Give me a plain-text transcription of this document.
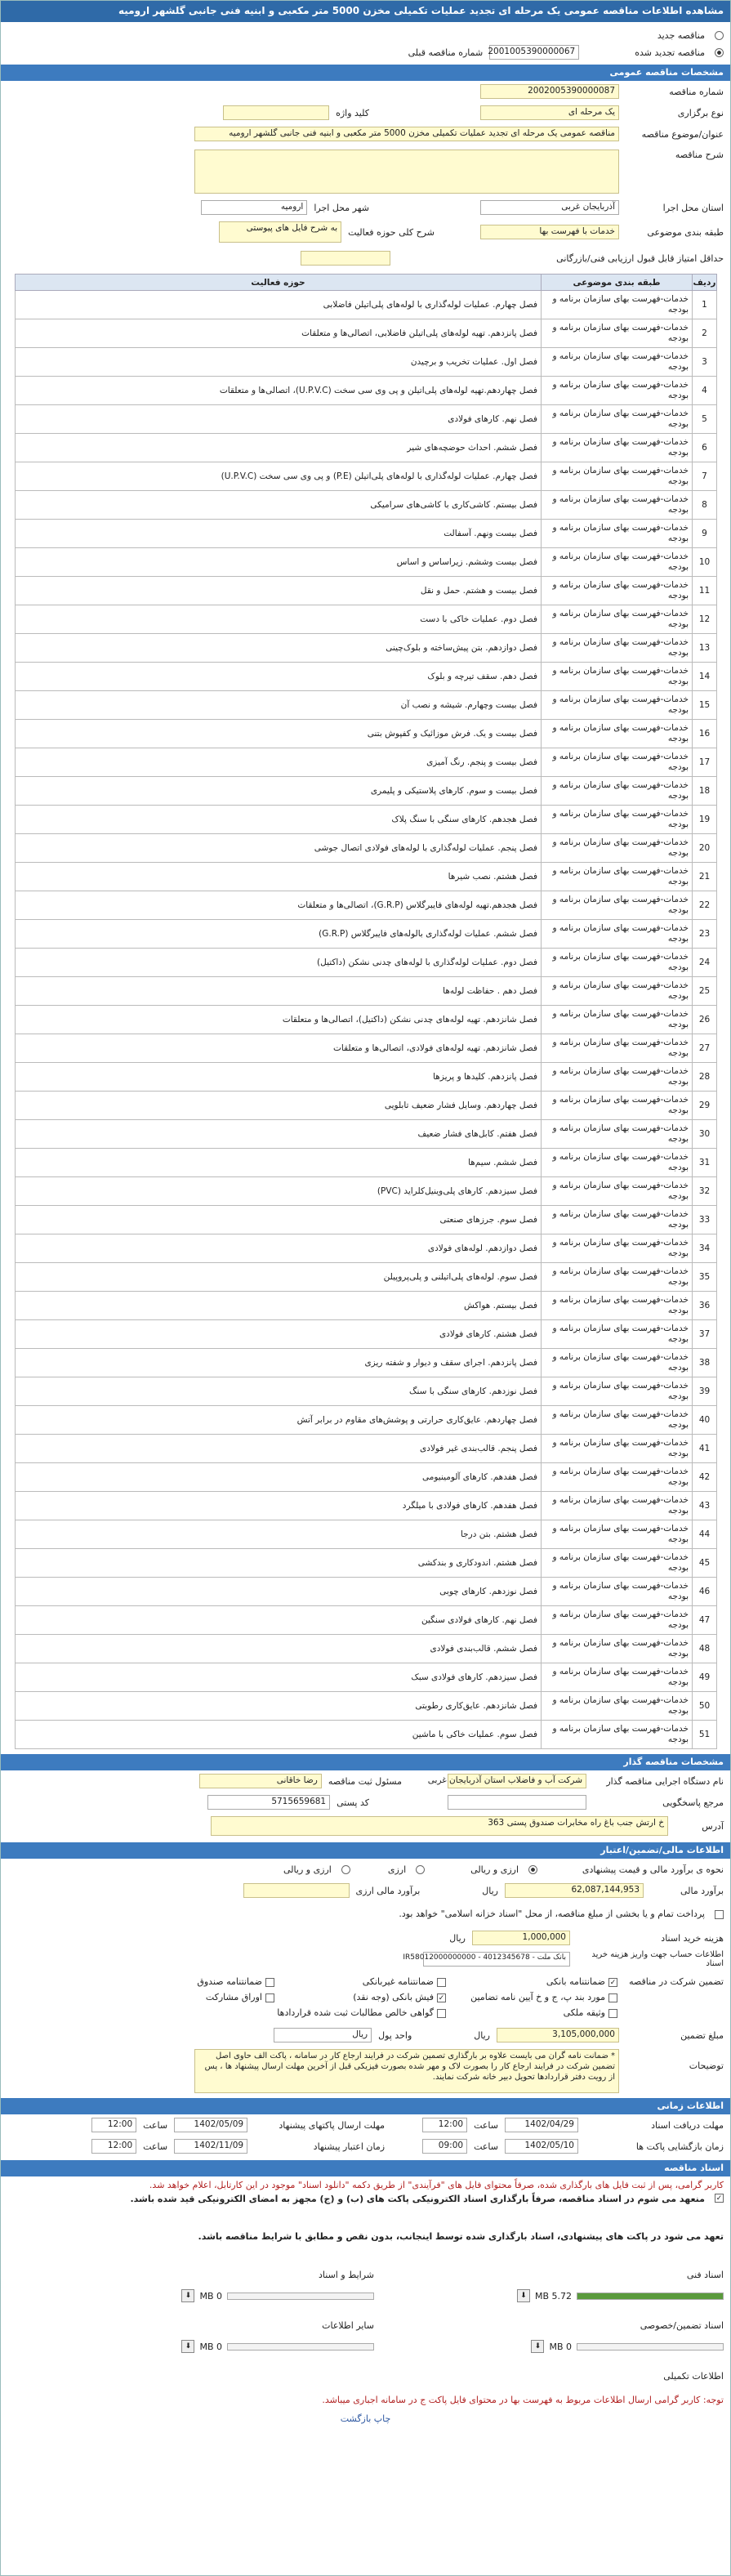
مشاهده اطلاعات مناقصه عمومی یک مرحله ای تجدید عملیات تکمیلی مخزن 5000 متر مکعبی و ابنیه فنی جانبی گلشهر ارومیه
مناقصه جدید
مناقصه تجدید شده
2001005390000067
شماره مناقصه قبلی
مشخصات مناقصه عمومی
شماره مناقصه
2002005390000087
نوع برگزاری
یک مرحله ای
کلید واژه
عنوان/موضوع مناقصه
مناقصه عمومی یک مرحله ای تجدید عملیات تکمیلی مخزن 5000 متر مکعبی و ابنیه فنی جانبی گلشهر ارومیه
شرح مناقصه
استان محل اجرا
آذربایجان غربی
شهر محل اجرا
ارومیه
طبقه بندی موضوعی
خدمات با فهرست بها
شرح کلی حوزه فعالیت
به شرح فایل های پیوستی
حداقل امتیاز قابل قبول ارزیابی فنی/بازرگانی
ردیف	طبقه بندی موضوعی	حوزه فعالیت
1	خدمات-فهرست بهای سازمان برنامه و بودجه	فصل چهارم. عملیات لوله‌گذاری با لوله‌های پلی‌اتیلن فاضلابی
2	خدمات-فهرست بهای سازمان برنامه و بودجه	فصل پانزدهم. تهیه لوله‌های پلی‌اتیلن فاضلابی، اتصالی‌ها و متعلقات
3	خدمات-فهرست بهای سازمان برنامه و بودجه	فصل اول. عملیات تخریب و برچیدن
4	خدمات-فهرست بهای سازمان برنامه و بودجه	فصل چهاردهم.تهیه لوله‌های پلی‌اتیلن و پی وی سی سخت (U.P.V.C)، اتصالی‌ها و متعلقات
5	خدمات-فهرست بهای سازمان برنامه و بودجه	فصل نهم. کارهای فولادی
6	خدمات-فهرست بهای سازمان برنامه و بودجه	فصل ششم. احداث حوضچه‌های شیر
7	خدمات-فهرست بهای سازمان برنامه و بودجه	فصل چهارم. عملیات لوله‌گذاری با لوله‌های پلی‌اتیلن (P.E) و پی وی سی سخت (U.P.V.C)
8	خدمات-فهرست بهای سازمان برنامه و بودجه	فصل بیستم. کاشی‌کاری با کاشی‌های سرامیکی
9	خدمات-فهرست بهای سازمان برنامه و بودجه	فصل بیست ونهم. آسفالت
10	خدمات-فهرست بهای سازمان برنامه و بودجه	فصل بیست وششم. زیراساس و اساس
11	خدمات-فهرست بهای سازمان برنامه و بودجه	فصل بیست و هشتم. حمل و نقل
12	خدمات-فهرست بهای سازمان برنامه و بودجه	فصل دوم. عملیات خاکی با دست
13	خدمات-فهرست بهای سازمان برنامه و بودجه	فصل دوازدهم. بتن پیش‌ساخته و بلوک‌چینی
14	خدمات-فهرست بهای سازمان برنامه و بودجه	فصل دهم. سقف تیرچه و بلوک
15	خدمات-فهرست بهای سازمان برنامه و بودجه	فصل بیست وچهارم. شیشه و نصب آن
16	خدمات-فهرست بهای سازمان برنامه و بودجه	فصل بیست و یک. فرش موزائیک و کفپوش بتنی
17	خدمات-فهرست بهای سازمان برنامه و بودجه	فصل بیست و پنجم. رنگ آمیزی
18	خدمات-فهرست بهای سازمان برنامه و بودجه	فصل بیست و سوم. کارهای پلاستیکی و پلیمری
19	خدمات-فهرست بهای سازمان برنامه و بودجه	فصل هجدهم. کارهای سنگی با سنگ پلاک
20	خدمات-فهرست بهای سازمان برنامه و بودجه	فصل پنجم. عملیات لوله‌گذاری با لوله‌های فولادی اتصال جوشی
21	خدمات-فهرست بهای سازمان برنامه و بودجه	فصل هشتم. نصب شیرها
22	خدمات-فهرست بهای سازمان برنامه و بودجه	فصل هجدهم.تهیه لوله‌های فایبرگلاس (G.R.P)، اتصالی‌ها و متعلقات
23	خدمات-فهرست بهای سازمان برنامه و بودجه	فصل ششم. عملیات لوله‌گذاری بالوله‌های فایبرگلاس (G.R.P)
24	خدمات-فهرست بهای سازمان برنامه و بودجه	فصل دوم. عملیات لوله‌گذاری با لوله‌های چدنی نشکن (داکتیل)
25	خدمات-فهرست بهای سازمان برنامه و بودجه	فصل دهم . حفاظت لوله‌ها
26	خدمات-فهرست بهای سازمان برنامه و بودجه	فصل شانزدهم. تهیه لوله‌های چدنی نشکن (داکتیل)، اتصالی‌ها و متعلقات
27	خدمات-فهرست بهای سازمان برنامه و بودجه	فصل شانزدهم. تهیه لوله‌های فولادی، اتصالی‌ها و متعلقات
28	خدمات-فهرست بهای سازمان برنامه و بودجه	فصل پانزدهم. کلیدها و پریزها
29	خدمات-فهرست بهای سازمان برنامه و بودجه	فصل چهاردهم. وسایل فشار ضعیف تابلویی
30	خدمات-فهرست بهای سازمان برنامه و بودجه	فصل هفتم. کابل‌های فشار ضعیف
31	خدمات-فهرست بهای سازمان برنامه و بودجه	فصل ششم. سیم‌ها
32	خدمات-فهرست بهای سازمان برنامه و بودجه	فصل سیزدهم. کارهای پلی‌وینیل‌کلراید (PVC)
33	خدمات-فهرست بهای سازمان برنامه و بودجه	فصل سوم. جرز‌های صنعتی
34	خدمات-فهرست بهای سازمان برنامه و بودجه	فصل دوازدهم. لوله‌های فولادی
35	خدمات-فهرست بهای سازمان برنامه و بودجه	فصل سوم. لوله‌های پلی‌اتیلنی و پلی‌پروپیلن
36	خدمات-فهرست بهای سازمان برنامه و بودجه	فصل بیستم. هواکش
37	خدمات-فهرست بهای سازمان برنامه و بودجه	فصل هشتم. کارهای فولادی
38	خدمات-فهرست بهای سازمان برنامه و بودجه	فصل پانزدهم. اجرای سقف و دیوار و شفته ریزی
39	خدمات-فهرست بهای سازمان برنامه و بودجه	فصل نوزدهم. کارهای سنگی با سنگ
40	خدمات-فهرست بهای سازمان برنامه و بودجه	فصل چهاردهم. عایق‌کاری حرارتی و پوشش‌های مقاوم در برابر آتش
41	خدمات-فهرست بهای سازمان برنامه و بودجه	فصل پنجم. قالب‌بندی غیر فولادی
42	خدمات-فهرست بهای سازمان برنامه و بودجه	فصل هفدهم. کارهای آلومینیومی
43	خدمات-فهرست بهای سازمان برنامه و بودجه	فصل هفدهم. کارهای فولادی با میلگرد
44	خدمات-فهرست بهای سازمان برنامه و بودجه	فصل هشتم. بتن درجا
45	خدمات-فهرست بهای سازمان برنامه و بودجه	فصل هشتم. اندودکاری و بندکشی
46	خدمات-فهرست بهای سازمان برنامه و بودجه	فصل نوزدهم. کارهای چوبی
47	خدمات-فهرست بهای سازمان برنامه و بودجه	فصل نهم. کارهای فولادی سنگین
48	خدمات-فهرست بهای سازمان برنامه و بودجه	فصل ششم. قالب‌بندی فولادی
49	خدمات-فهرست بهای سازمان برنامه و بودجه	فصل سیزدهم. کارهای فولادی سبک
50	خدمات-فهرست بهای سازمان برنامه و بودجه	فصل شانزدهم. عایق‌کاری رطوبتی
51	خدمات-فهرست بهای سازمان برنامه و بودجه	فصل سوم. عملیات خاکی با ماشین
مشخصات مناقصه گذار
نام دستگاه اجرایی مناقصه گذار
شرکت آب و فاضلاب استان آذربایجان غربی
مسئول ثبت مناقصه
رضا خاقانی
مرجع پاسخگویی
کد پستی
5715659681
آدرس
خ ارتش جنب باغ راه مخابرات صندوق پستی 363
اطلاعات مالی/تضمین/اعتبار
نحوه ی برآورد مالی و قیمت پیشنهادی
ارزی و ریالی
ارزی
ارزی و ریالی
برآورد مالی
62,087,144,953
ریال
برآورد مالی ارزی
پرداخت تمام و یا بخشی از مبلغ مناقصه، از محل "اسناد خزانه اسلامی" خواهد بود.
هزینه خرید اسناد
1,000,000
ریال
اطلاعات حساب جهت واریز هزینه خرید اسناد
بانک ملت - 4012345678 - IR58012000000000
تضمین شرکت در مناقصه
✓ضمانتنامه بانکی
ضمانتنامه غیربانکی
ضمانتنامه صندوق
مورد بند پ، ج و خ آیین نامه تضامین
✓فیش بانکی (وجه نقد)
اوراق مشارکت
وثیقه ملکی
گواهی خالص مطالبات ثبت شده قراردادها
مبلغ تضمین
3,105,000,000
ریال
واحد پول
ریال
توضیحات
* ضمانت نامه گران می بایست علاوه بر بارگذاری تصمین شرکت در فرایند ارجاع کار در سامانه ، پاکت الف حاوی اصل تضمین شرکت در فرایند ارجاع کار را بصورت لاک و مهر شده بصورت فیزیکی قبل از آخرین مهلت ارسال پیشنهاد ها ، پس از رویت دفتر قراردادها تحویل دبیر خانه شرکت نمایند.
اطلاعات زمانی
مهلت دریافت اسناد
1402/04/29
ساعت
12:00
مهلت ارسال پاکتهای پیشنهاد
1402/05/09
ساعت
12:00
زمان بازگشایی پاکت ها
1402/05/10
ساعت
09:00
زمان اعتبار پیشنهاد
1402/11/09
ساعت
12:00
اسناد مناقصه
کاربر گرامی، پس از ثبت فایل های بارگذاری شده، صرفاً محتوای فایل های "فرآیندی" از طریق دکمه "دانلود اسناد" موجود در این کارتابل، اعلام خواهد شد.
✓
منعهد می شوم در اسناد مناقصه، صرفاً بارگذاری اسناد الکترونیکی پاکت های (ب) و (ج) مجهز به امضای الکترونیکی قید شده باشد.
تعهد می شود در پاکت های پیشنهادی، اسناد بارگذاری شده توسط اینجانب، بدون نقص و مطابق با شرایط مناقصه باشد.
اسناد فنی
شرایط و اسناد
5.72 MB
⬇
0 MB
⬇
اسناد تضمین/خصوصی
سایر اطلاعات
0 MB
⬇
0 MB
⬇
اطلاعات تکمیلی
توجه: کاربر گرامی ارسال اطلاعات مربوط به فهرست بها در محتوای فایل پاکت ج در سامانه اجباری میباشد.
چاپ بازگشت
